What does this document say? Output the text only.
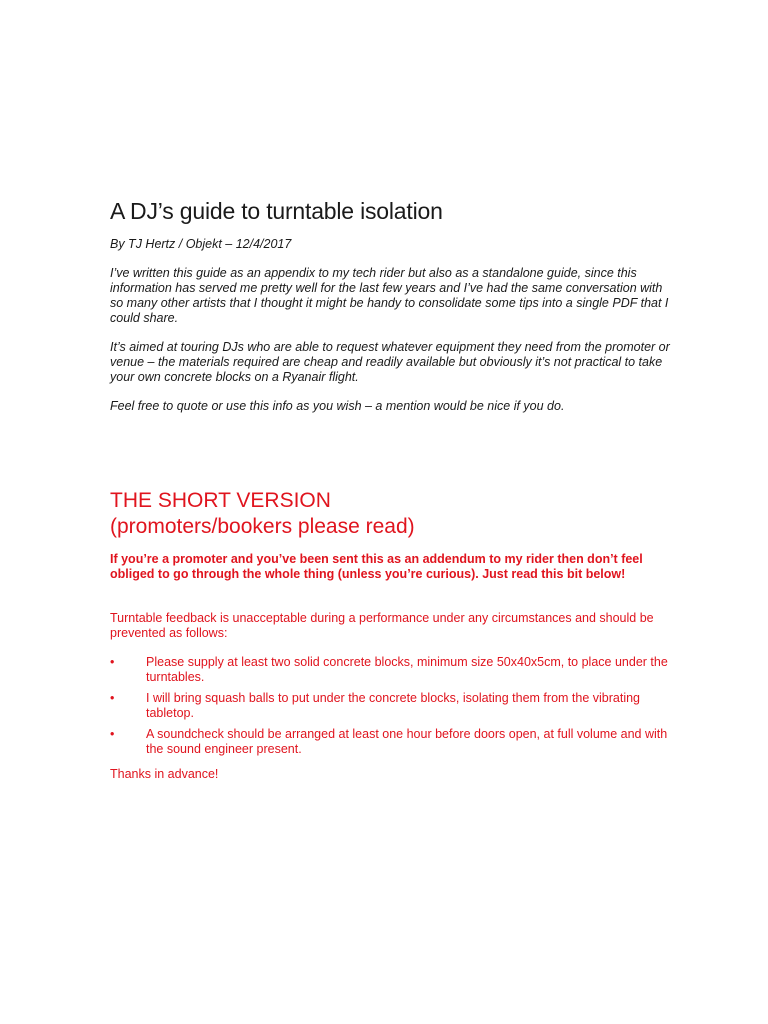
A DJ’s guide to turntable isolation

By TJ Hertz / Objekt – 12/4/2017

I’ve written this guide as an appendix to my tech rider but also as a standalone guide, since this information has served me pretty well for the last few years and I’ve had the same conversation with so many other artists that I thought it might be handy to consolidate some tips into a single PDF that I could share.

It’s aimed at touring DJs who are able to request whatever equipment they need from the promoter or venue – the materials required are cheap and readily available but obviously it’s not practical to take your own concrete blocks on a Ryanair flight.

Feel free to quote or use this info as you wish – a mention would be nice if you do.

THE SHORT VERSION
(promoters/bookers please read)

If you’re a promoter and you’ve been sent this as an addendum to my rider then don’t feel obliged to go through the whole thing (unless you’re curious). Just read this bit below!

Turntable feedback is unacceptable during a performance under any circumstances and should be prevented as follows:

•	Please supply at least two solid concrete blocks, minimum size 50x40x5cm, to place under the turntables.
•	I will bring squash balls to put under the concrete blocks, isolating them from the vibrating tabletop.
•	A soundcheck should be arranged at least one hour before doors open, at full volume and with the sound engineer present.

Thanks in advance!
